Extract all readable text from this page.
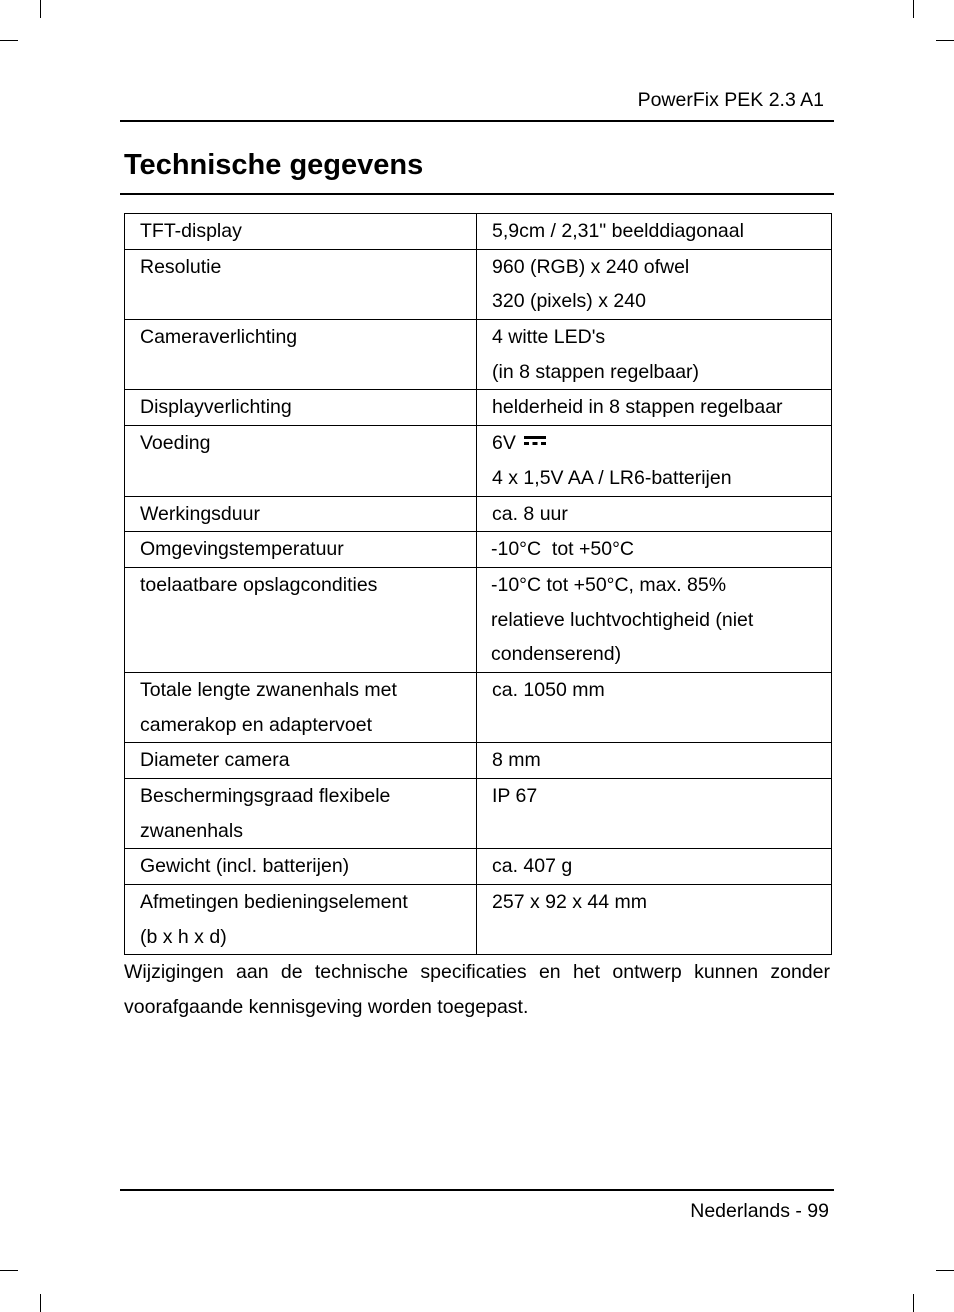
PowerFix PEK 2.3 A1
Technische gegevens
TFT-display	5,9cm / 2,31" beelddiagonaal

Resolutie	960 (RGB) x 240 ofwel
320 (pixels) x 240

Cameraverlichting	4 witte LED's
(in 8 stappen regelbaar)

Displayverlichting	helderheid in 8 stappen regelbaar

Voeding	6V
4 x 1,5V AA / LR6-batterijen

Werkingsduur	ca. 8 uur

Omgevingstemperatuur	-10°C  tot +50°C

toelaatbare opslagcondities	-10°C tot +50°C, max. 85%
relatieve luchtvochtigheid (niet
condenserend)

Totale lengte zwanenhals met
camerakop en adaptervoet	ca. 1050 mm

Diameter camera	8 mm

Beschermingsgraad flexibele
zwanenhals	IP 67

Gewicht (incl. batterijen)	ca. 407 g

Afmetingen bedieningselement
(b x h x d)	257 x 92 x 44 mm

Wijzigingen aan de technische specificaties en het ontwerp kunnen zonder voorafgaande kennisgeving worden toegepast.

Nederlands - 99
